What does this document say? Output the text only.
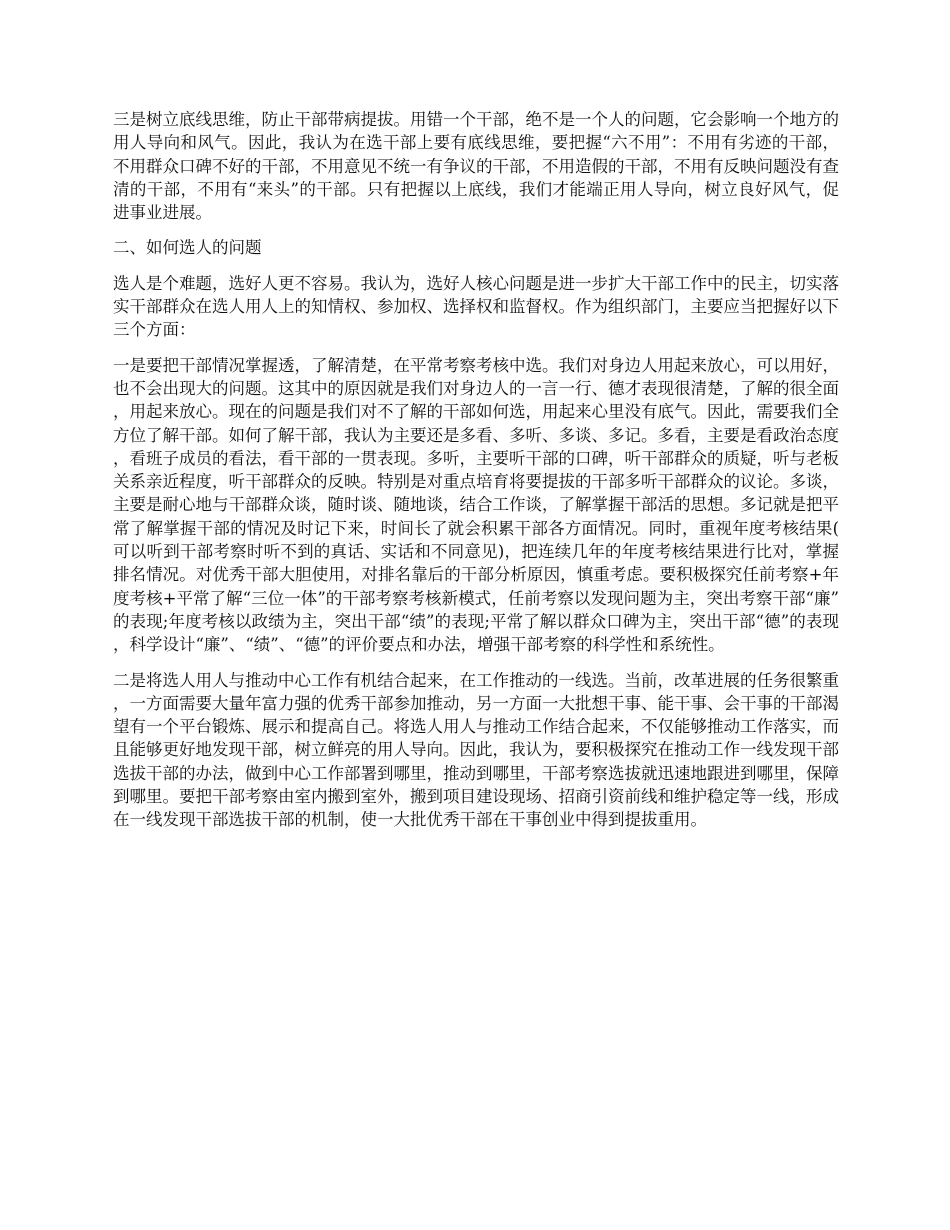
三是树立底线思维，防止干部带病提拔。用错一个干部，绝不是一个人的问题，它会影响一个地方的用人导向和风气。因此，我认为在选干部上要有底线思维，要把握“六不用”：不用有劣迹的干部，不用群众口碑不好的干部，不用意见不统一有争议的干部，不用造假的干部，不用有反映问题没有查清的干部，不用有“来头”的干部。只有把握以上底线，我们才能端正用人导向，树立良好风气，促进事业进展。

二、如何选人的问题

选人是个难题，选好人更不容易。我认为，选好人核心问题是进一步扩大干部工作中的民主，切实落实干部群众在选人用人上的知情权、参加权、选择权和监督权。作为组织部门，主要应当把握好以下三个方面：

一是要把干部情况掌握透，了解清楚，在平常考察考核中选。我们对身边人用起来放心，可以用好，也不会出现大的问题。这其中的原因就是我们对身边人的一言一行、德才表现很清楚，了解的很全面，用起来放心。现在的问题是我们对不了解的干部如何选，用起来心里没有底气。因此，需要我们全方位了解干部。如何了解干部，我认为主要还是多看、多听、多谈、多记。多看，主要是看政治态度，看班子成员的看法，看干部的一贯表现。多听，主要听干部的口碑，听干部群众的质疑，听与老板关系亲近程度，听干部群众的反映。特别是对重点培育将要提拔的干部多听干部群众的议论。多谈，主要是耐心地与干部群众谈，随时谈、随地谈，结合工作谈，了解掌握干部活的思想。多记就是把平常了解掌握干部的情况及时记下来，时间长了就会积累干部各方面情况。同时，重视年度考核结果(可以听到干部考察时听不到的真话、实话和不同意见)，把连续几年的年度考核结果进行比对，掌握排名情况。对优秀干部大胆使用，对排名靠后的干部分析原因，慎重考虑。要积极探究任前考察+年度考核+平常了解“三位一体”的干部考察考核新模式，任前考察以发现问题为主，突出考察干部“廉”的表现;年度考核以政绩为主，突出干部“绩”的表现;平常了解以群众口碑为主，突出干部“德”的表现，科学设计“廉”、“绩”、“德”的评价要点和办法，增强干部考察的科学性和系统性。

二是将选人用人与推动中心工作有机结合起来，在工作推动的一线选。当前，改革进展的任务很繁重，一方面需要大量年富力强的优秀干部参加推动，另一方面一大批想干事、能干事、会干事的干部渴望有一个平台锻炼、展示和提高自己。将选人用人与推动工作结合起来，不仅能够推动工作落实，而且能够更好地发现干部，树立鲜亮的用人导向。因此，我认为，要积极探究在推动工作一线发现干部选拔干部的办法，做到中心工作部署到哪里，推动到哪里，干部考察选拔就迅速地跟进到哪里，保障到哪里。要把干部考察由室内搬到室外，搬到项目建设现场、招商引资前线和维护稳定等一线，形成在一线发现干部选拔干部的机制，使一大批优秀干部在干事创业中得到提拔重用。
